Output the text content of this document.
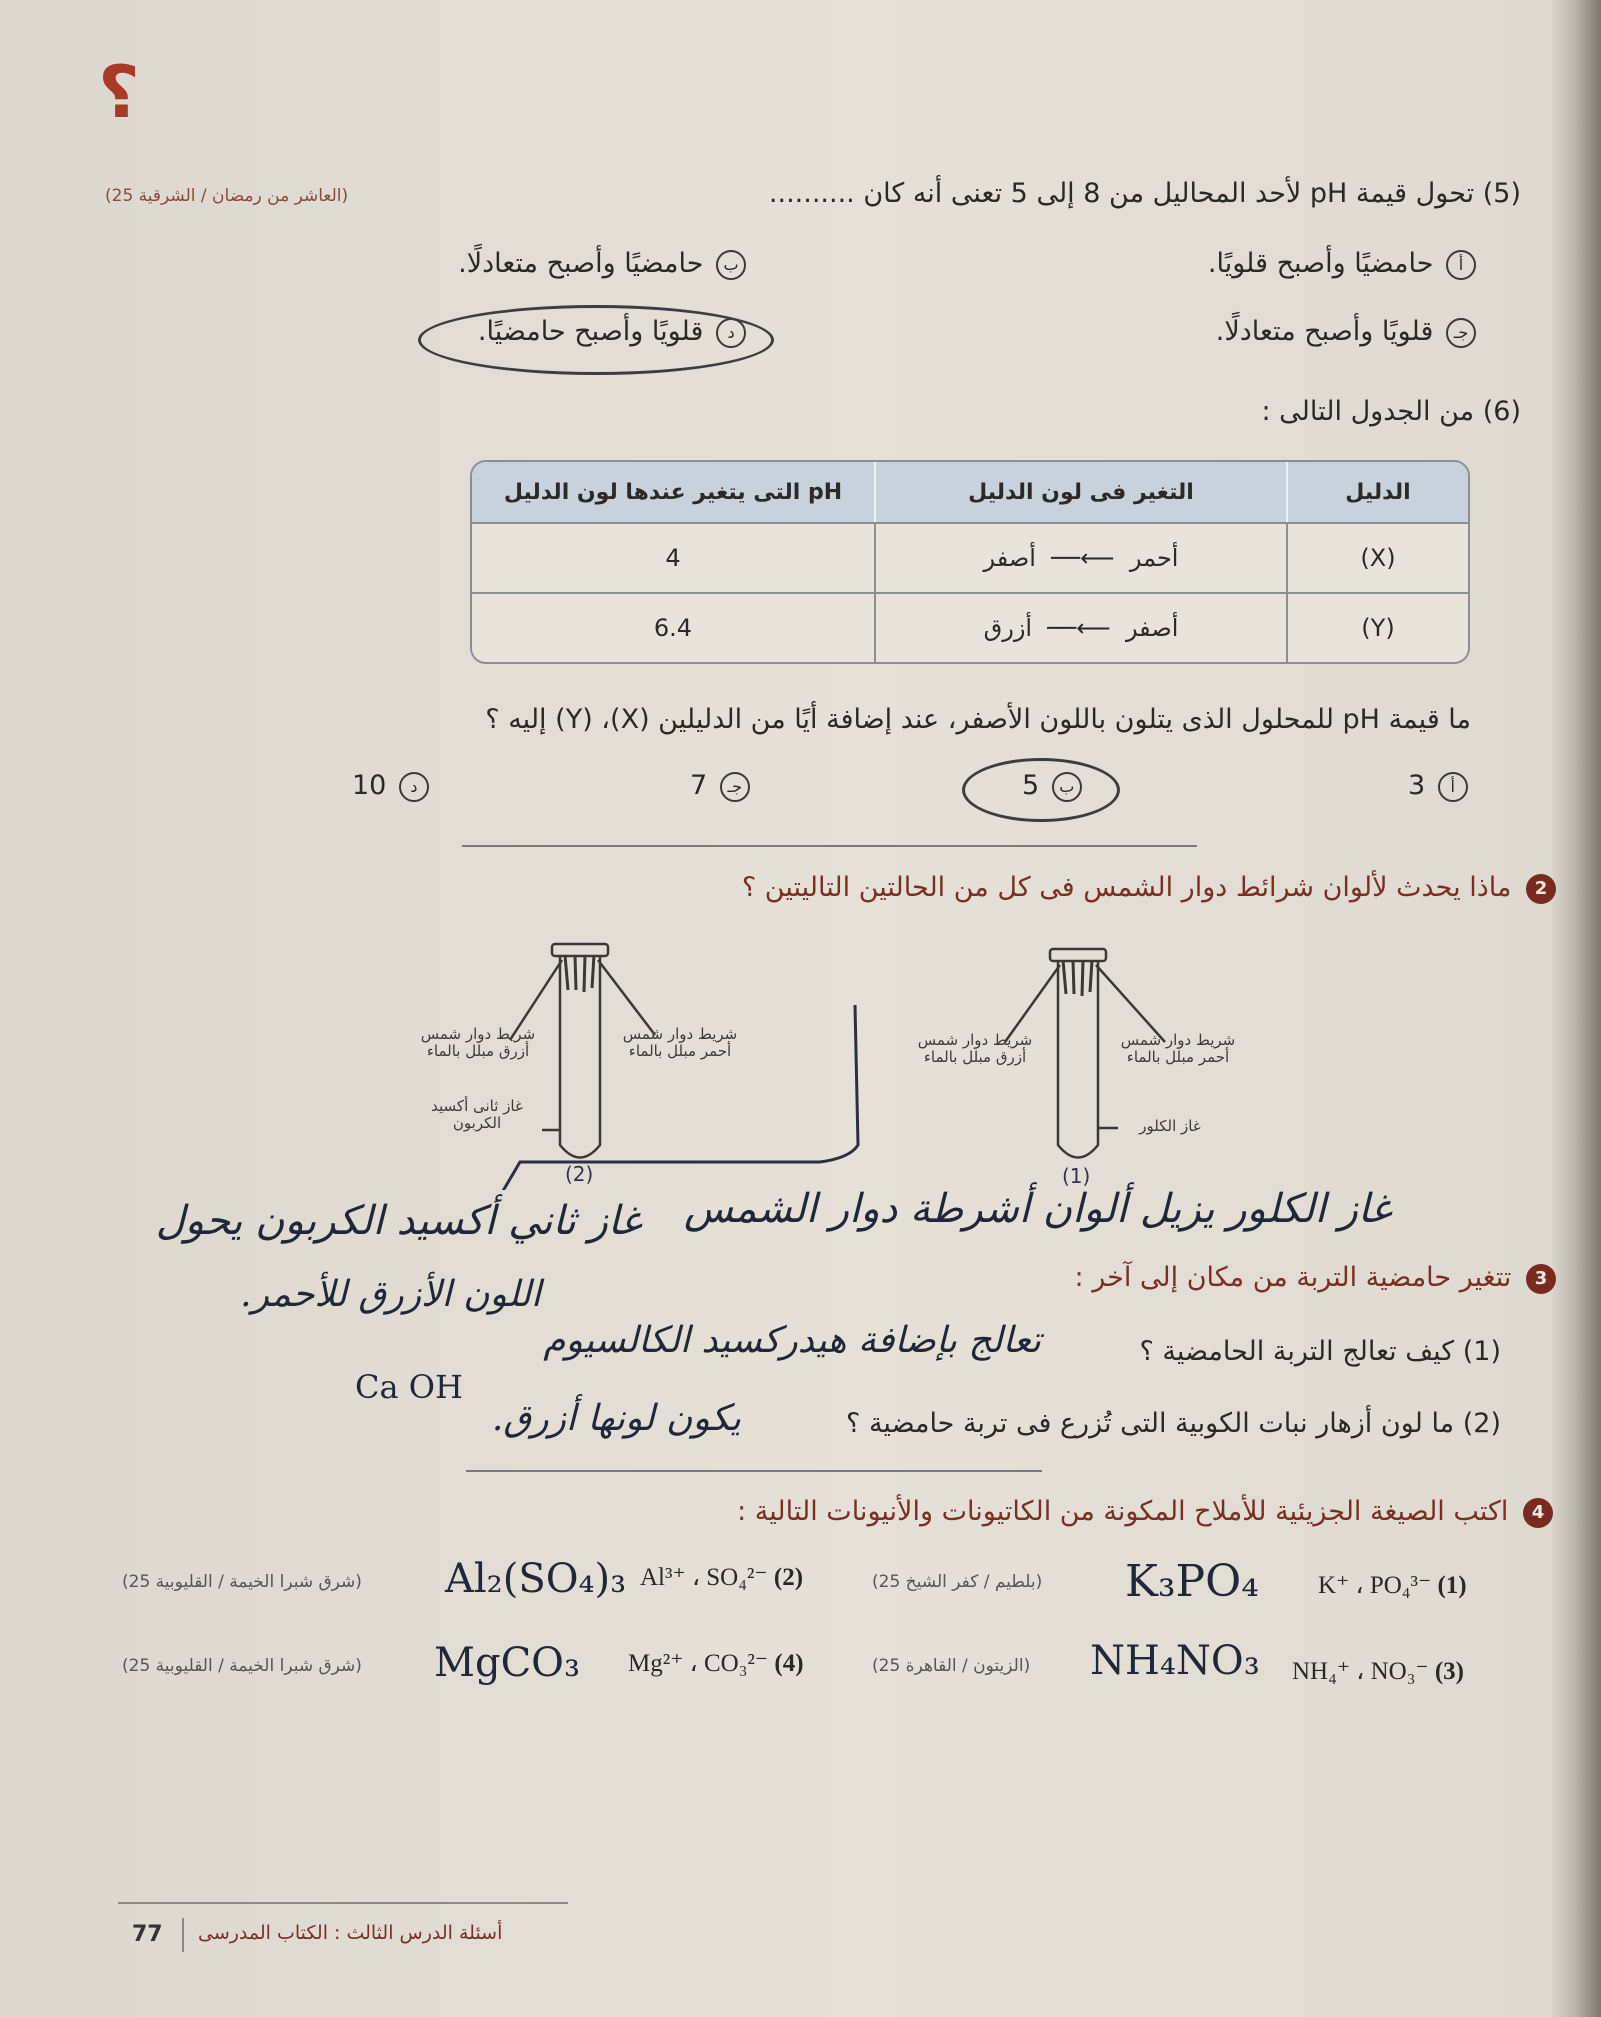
؟
(5) تحول قيمة pH لأحد المحاليل من 8 إلى 5 تعنى أنه كان ..........
(العاشر من رمضان / الشرقية 25)
أ حامضيًا وأصبح قلويًا.
ب حامضيًا وأصبح متعادلًا.
جـ قلويًا وأصبح متعادلًا.
د قلويًا وأصبح حامضيًا.
(6) من الجدول التالى :
الدليل	التغير فى لون الدليل	pH التى يتغير عندها لون الدليل
(X)	أحمر  ⟵──  أصفر	4
(Y)	أصفر  ⟵──  أزرق	6.4
ما قيمة pH للمحلول الذى يتلون باللون الأصفر، عند إضافة أيًا من الدليلين (X)، (Y) إليه ؟
3 أ
5 ب
7 جـ
10 د
2 ماذا يحدث لألوان شرائط دوار الشمس فى كل من الحالتين التاليتين ؟
شريط دوار شمس أزرق مبلل بالماء
شريط دوار شمس أحمر مبلل بالماء
غاز ثانى أكسيد الكربون
شريط دوار شمس أزرق مبلل بالماء
شريط دوار شمس أحمر مبلل بالماء
غاز الكلور
(2)	(1)
غاز الكلور يزيل ألوان أشرطة دوار الشمس
غاز ثاني أكسيد الكربون يحول
اللون الأزرق للأحمر.	3 تتغير حامضية التربة من مكان إلى آخر :
(1) كيف تعالج التربة الحامضية ؟
تعالج بإضافة هيدركسيد الكالسيوم
Ca OH
(2) ما لون أزهار نبات الكوبية التى تُزرع فى تربة حامضية ؟
يكون لونها أزرق.
4 اكتب الصيغة الجزيئية للأملاح المكونة من الكاتيونات والأنيونات التالية :
K⁺ ، PO₄³⁻ (1)
K₃PO₄
(بلطيم / كفر الشيخ 25)
Al³⁺ ، SO₄²⁻ (2)
Al₂(SO₄)₃
(شرق شبرا الخيمة / القليوبية 25)
NH₄⁺ ، NO₃⁻ (3)
NH₄NO₃
(الزيتون / القاهرة 25)
Mg²⁺ ، CO₃²⁻ (4)
MgCO₃
(شرق شبرا الخيمة / القليوبية 25)
77 أسئلة الدرس الثالث : الكتاب المدرسى
